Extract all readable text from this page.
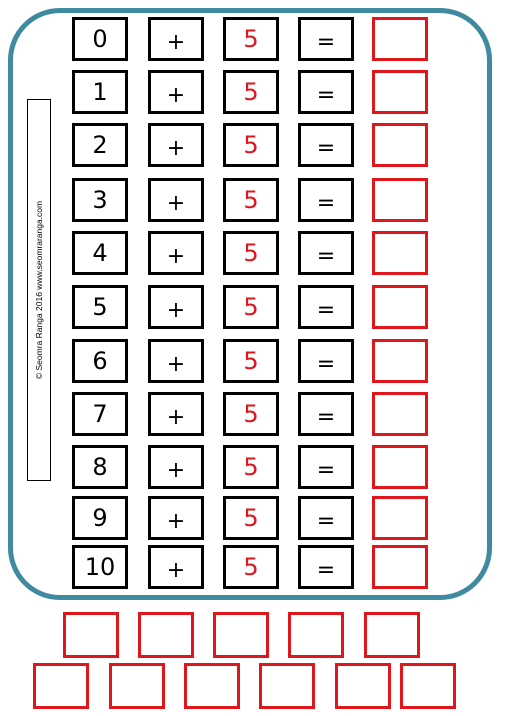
© Seomra Ranga 2016 www.seomraranga.com
0	+	5	=
1	+	5	=
2	+	5	=
3	+	5	=
4	+	5	=
5	+	5	=
6	+	5	=
7	+	5	=
8	+	5	=
9	+	5	=
10	+	5	=
